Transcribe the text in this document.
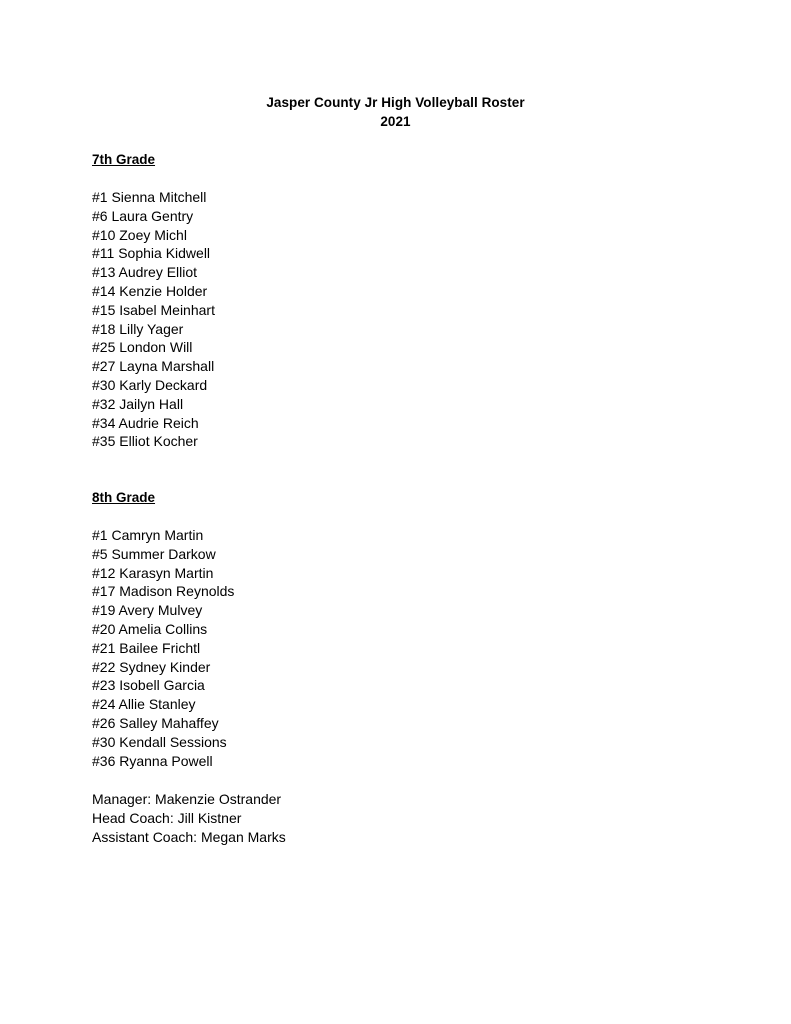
Jasper County Jr High Volleyball Roster
2021
7th Grade
#1 Sienna Mitchell
#6 Laura Gentry
#10 Zoey Michl
#11 Sophia Kidwell
#13 Audrey Elliot
#14 Kenzie Holder
#15 Isabel Meinhart
#18 Lilly Yager
#25 London Will
#27 Layna Marshall
#30 Karly Deckard
#32 Jailyn Hall
#34 Audrie Reich
#35 Elliot Kocher
8th Grade
#1 Camryn Martin
#5 Summer Darkow
#12 Karasyn Martin
#17 Madison Reynolds
#19 Avery Mulvey
#20 Amelia Collins
#21 Bailee Frichtl
#22 Sydney Kinder
#23 Isobell Garcia
#24 Allie Stanley
#26 Salley Mahaffey
#30 Kendall Sessions
#36 Ryanna Powell
Manager: Makenzie Ostrander
Head Coach: Jill Kistner
Assistant Coach: Megan Marks
